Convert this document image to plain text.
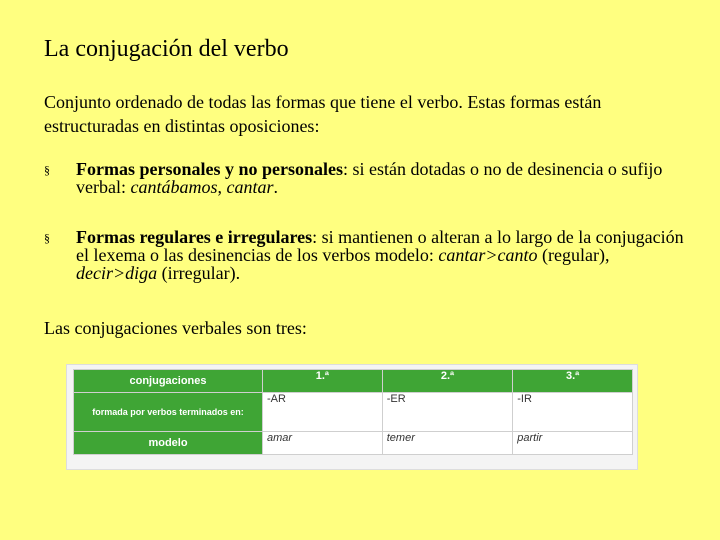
La conjugación del verbo
Conjunto ordenado de todas las formas que tiene el verbo. Estas formas están estructuradas en distintas oposiciones:
§ Formas personales y no personales: si están dotadas o no de desinencia o sufijo verbal: cantábamos, cantar.
§ Formas regulares e irregulares: si mantienen o alteran a lo largo de la conjugación el lexema o las desinencias de los verbos modelo: cantar>canto (regular), decir>diga (irregular).
Las conjugaciones verbales son tres:
conjugaciones	1.ª	2.ª	3.ª
formada por verbos terminados en:	-AR	-ER	-IR
modelo	amar	temer	partir
